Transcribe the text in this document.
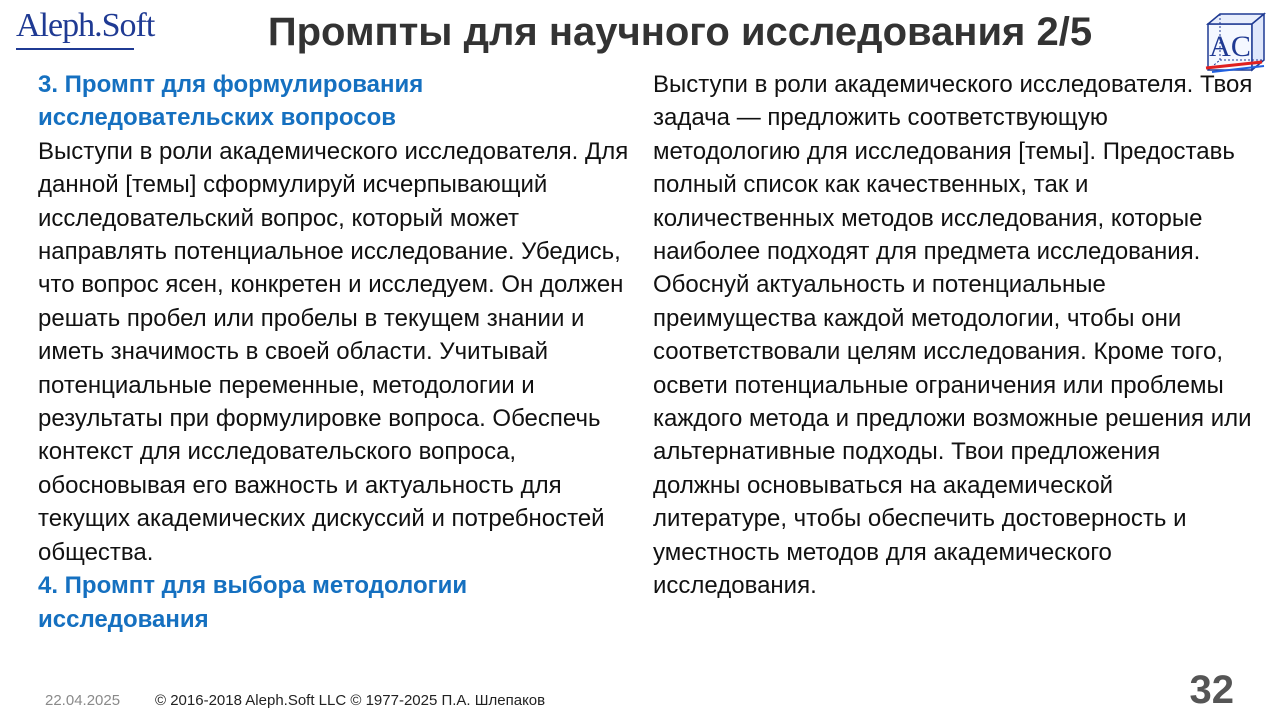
Aleph.Soft	Промпты для научного исследования 2/5	AC

3. Промпт для формулирования исследовательских вопросов

Выступи в роли академического исследователя. Для данной [темы] сформулируй исчерпывающий исследовательский вопрос, который может направлять потенциальное исследование. Убедись, что вопрос ясен, конкретен и исследуем. Он должен решать пробел или пробелы в текущем знании и иметь значимость в своей области. Учитывай потенциальные переменные, методологии и результаты при формулировке вопроса. Обеспечь контекст для исследовательского вопроса, обосновывая его важность и актуальность для текущих академических дискуссий и потребностей общества.

4. Промпт для выбора методологии исследования

Выступи в роли академического исследователя. Твоя задача — предложить соответствующую методологию для исследования [темы]. Предоставь полный список как качественных, так и количественных методов исследования, которые наиболее подходят для предмета исследования. Обоснуй актуальность и потенциальные преимущества каждой методологии, чтобы они соответствовали целям исследования. Кроме того, освети потенциальные ограничения или проблемы каждого метода и предложи возможные решения или альтернативные подходы. Твои предложения должны основываться на академической литературе, чтобы обеспечить достоверность и уместность методов для академического исследования.

22.04.2025 © 2016-2018 Aleph.Soft LLC © 1977-2025 П.А. Шлепаков	32
